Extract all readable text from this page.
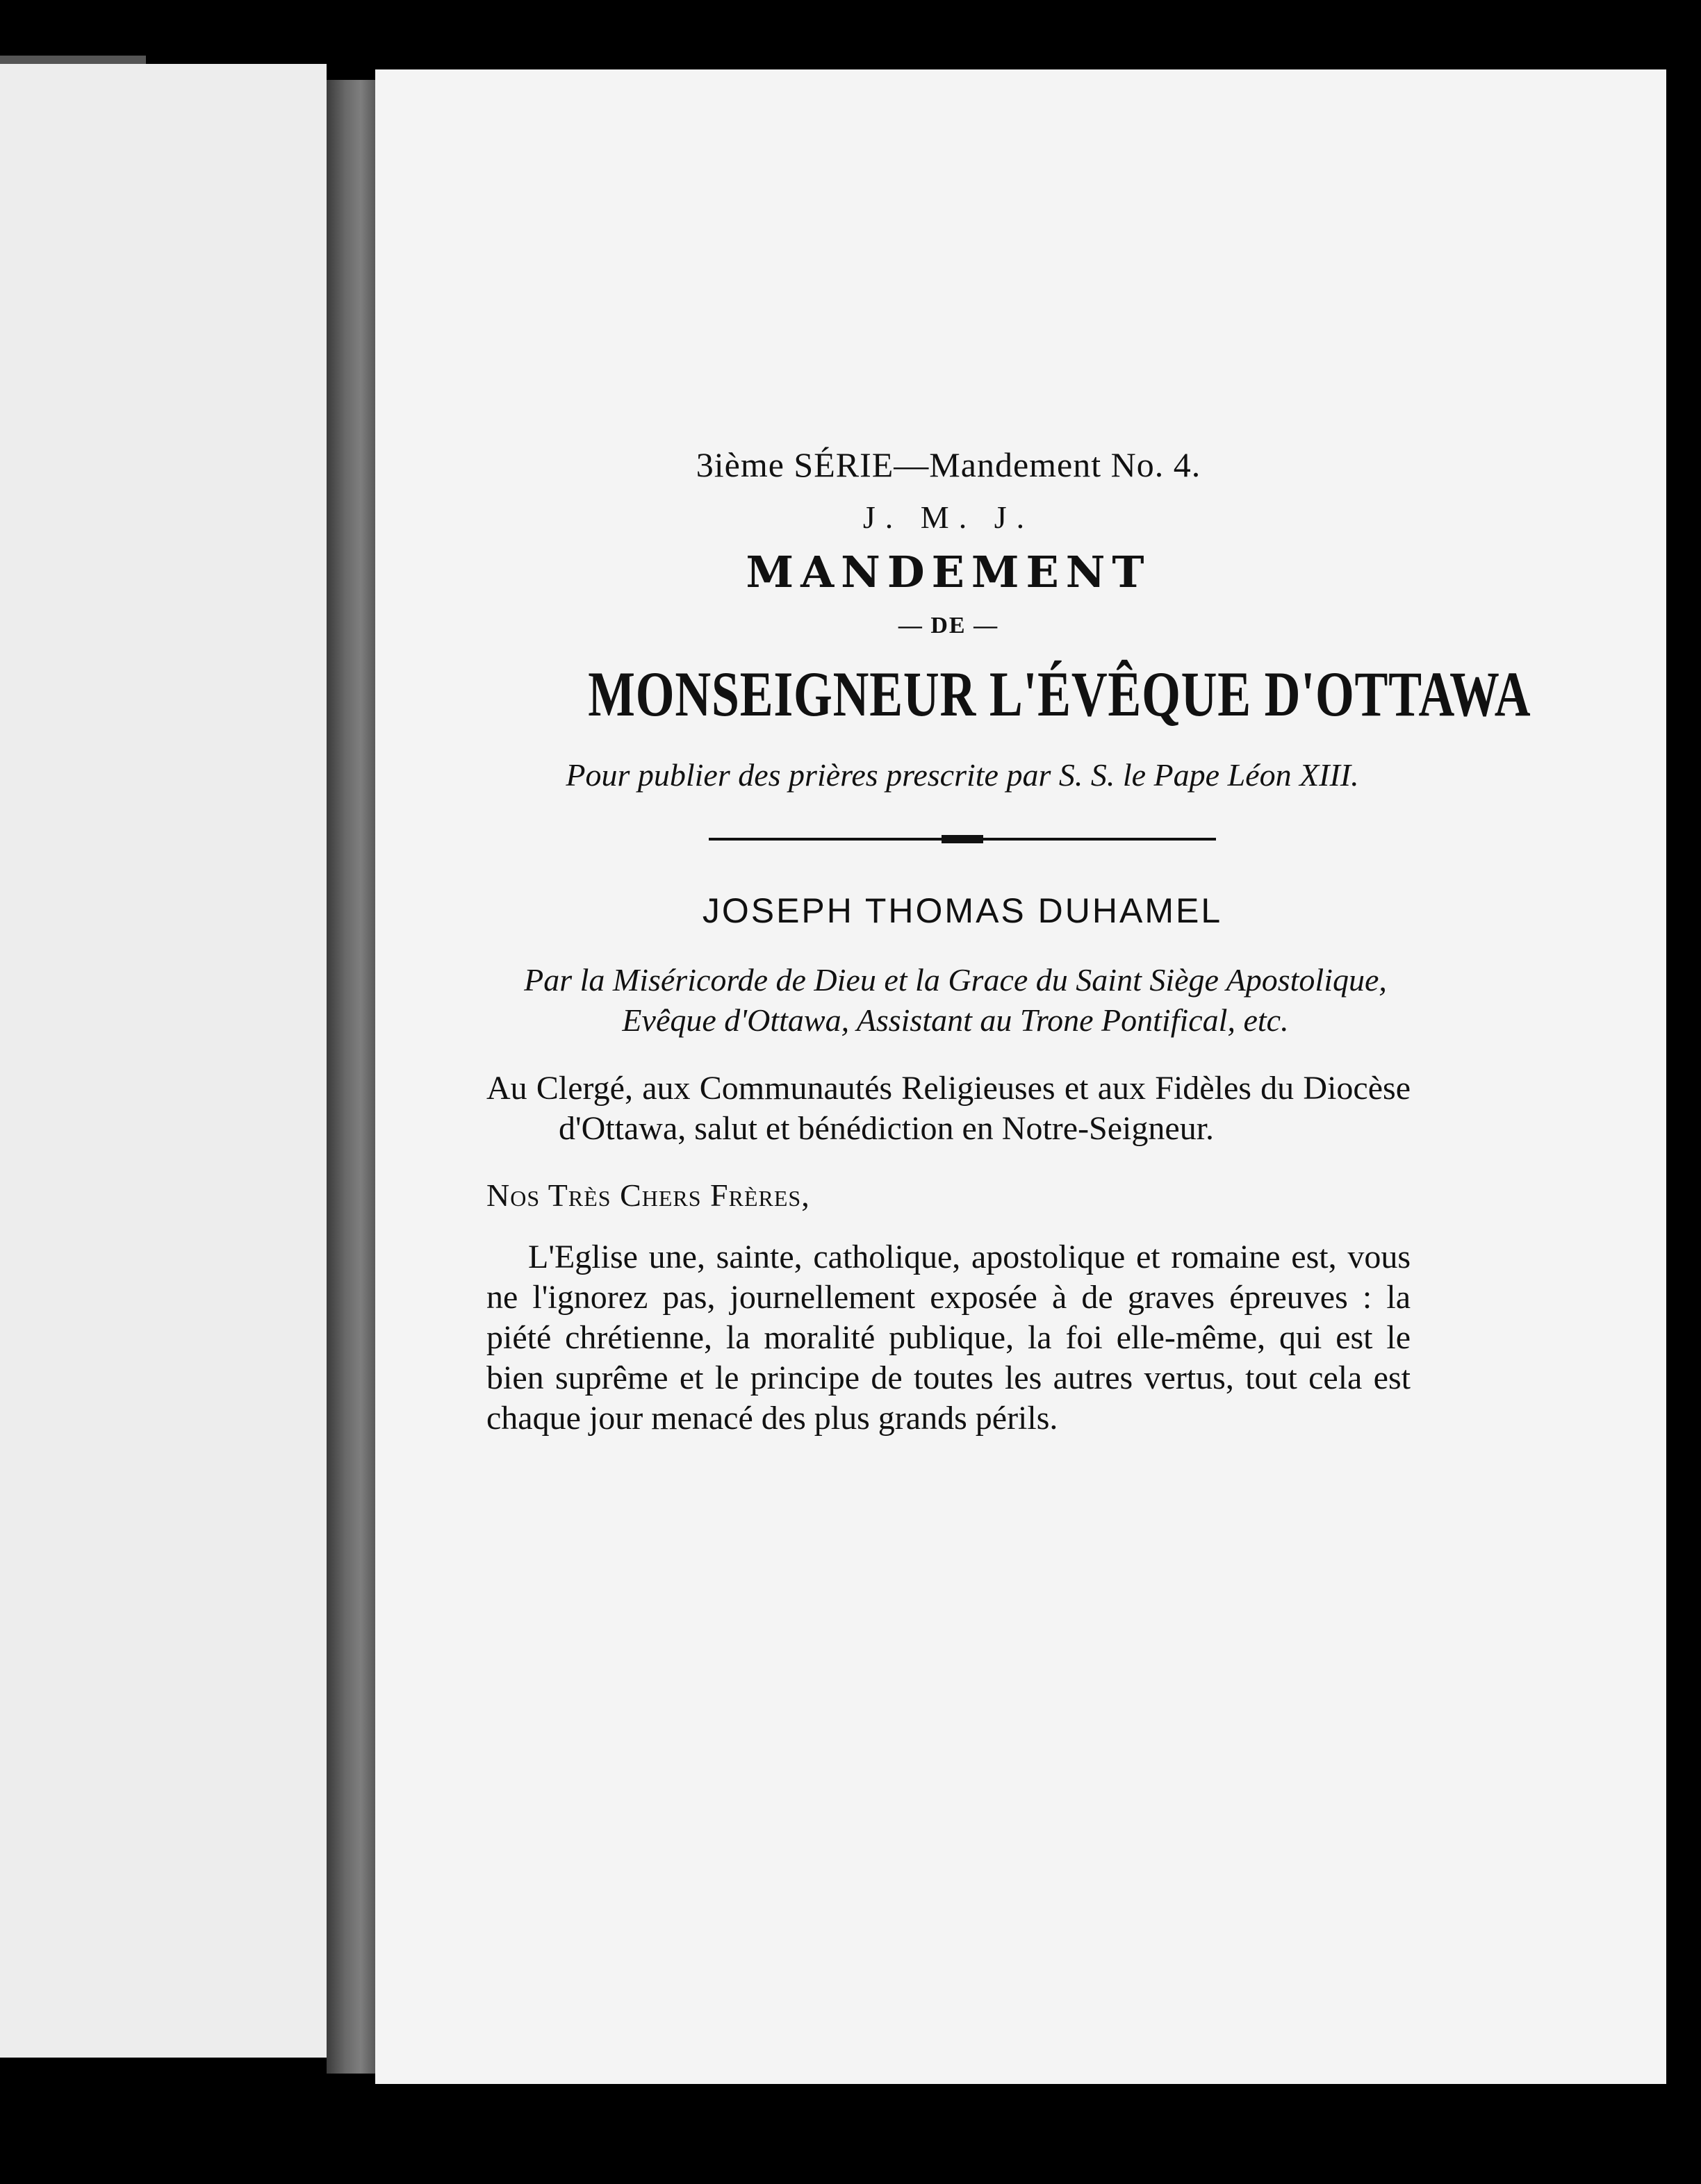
3ième SÉRIE—Mandement No. 4.
J. M. J.
MANDEMENT
— DE —
MONSEIGNEUR L'ÉVÊQUE D'OTTAWA
Pour publier des prières prescrite par S. S. le Pape Léon XIII.
JOSEPH THOMAS DUHAMEL
Par la Miséricorde de Dieu et la Grace du Saint Siège Apostolique, Evêque d'Ottawa, Assistant au Trone Pontifical, etc.
Au Clergé, aux Communautés Religieuses et aux Fidèles du Diocèse d'Ottawa, salut et bénédiction en Notre-Seigneur.
Nos Très Chers Frères,

L'Eglise une, sainte, catholique, apostolique et romaine est, vous ne l'ignorez pas, journellement exposée à de graves épreuves : la piété chrétienne, la moralité publique, la foi elle-même, qui est le bien suprême et le principe de toutes les autres vertus, tout cela est chaque jour menacé des plus grands périls.
